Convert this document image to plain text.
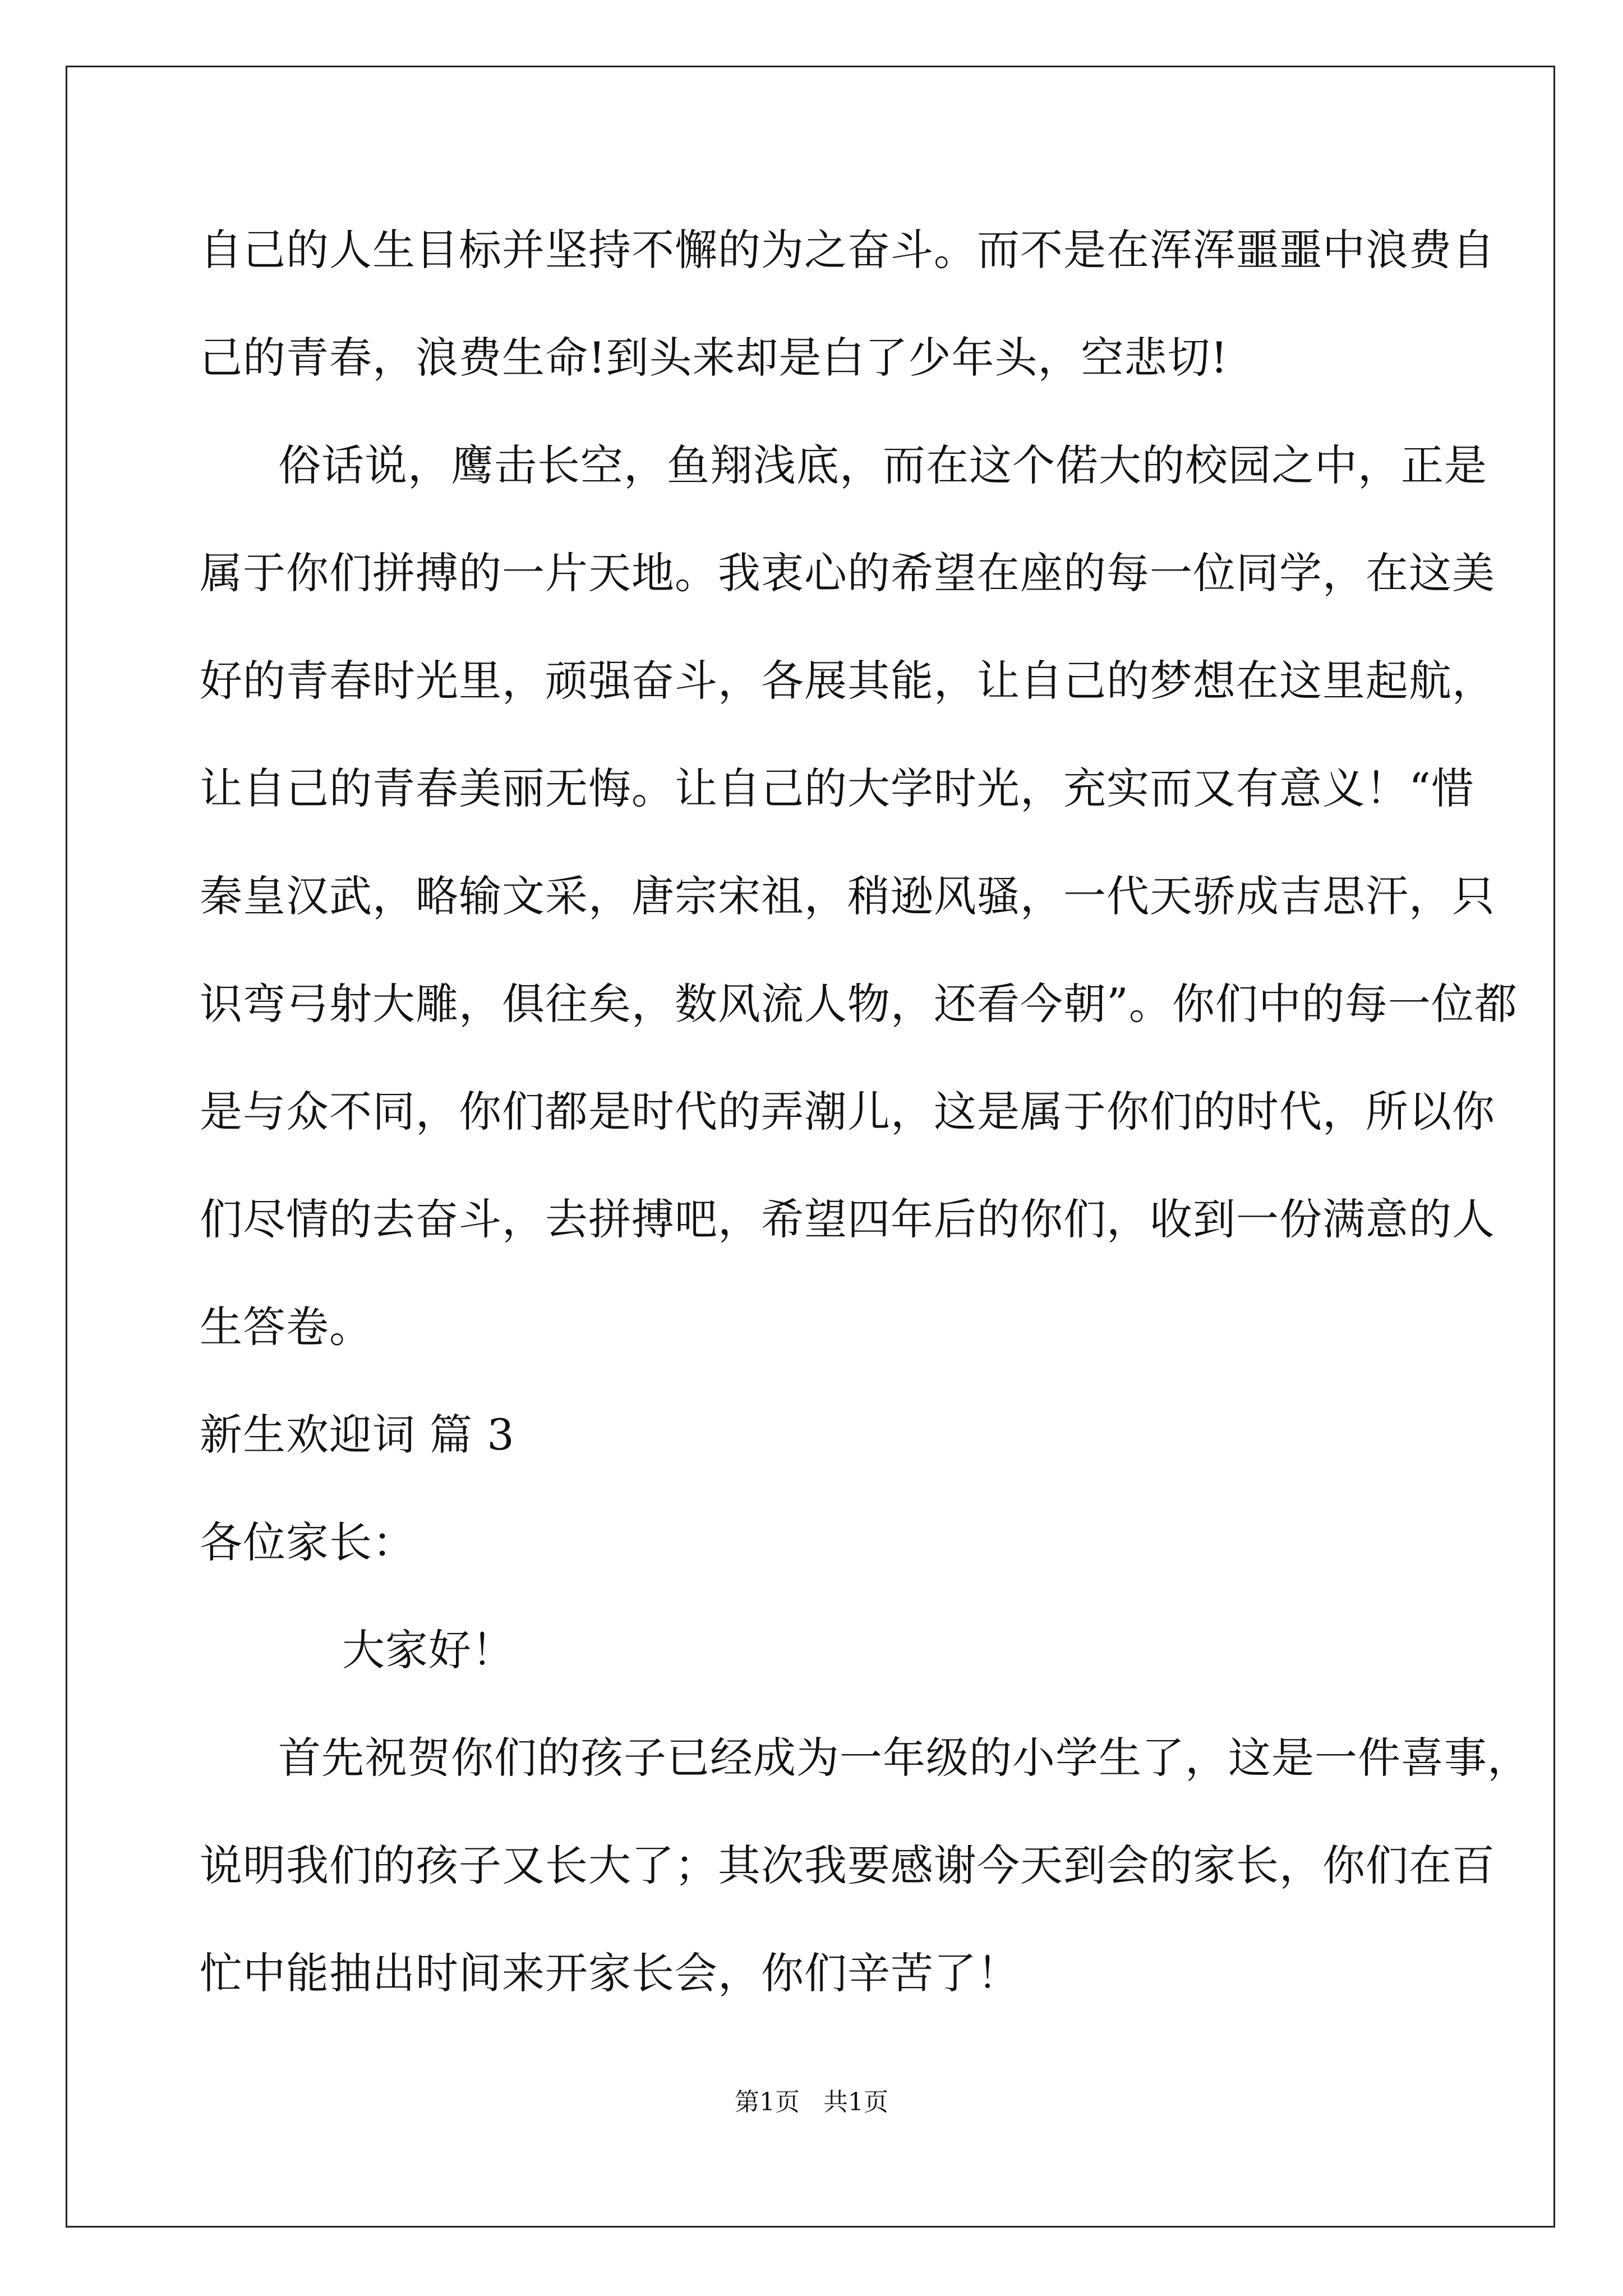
自己的人生目标并坚持不懈的为之奋斗。而不是在浑浑噩噩中浪费自
己的青春，浪费生命!到头来却是白了少年头，空悲切!
俗话说，鹰击长空，鱼翔浅底，而在这个偌大的校园之中，正是
属于你们拼搏的一片天地。我衷心的希望在座的每一位同学，在这美
好的青春时光里，顽强奋斗，各展其能，让自己的梦想在这里起航，
让自己的青春美丽无悔。让自己的大学时光，充实而又有意义！“惜
秦皇汉武，略输文采，唐宗宋祖，稍逊风骚，一代天骄成吉思汗，只
识弯弓射大雕，俱往矣，数风流人物，还看今朝”。你们中的每一位都
是与众不同，你们都是时代的弄潮儿，这是属于你们的时代，所以你
们尽情的去奋斗，去拼搏吧，希望四年后的你们，收到一份满意的人
生答卷。
新生欢迎词 篇 3
各位家长：
大家好！
首先祝贺你们的孩子已经成为一年级的小学生了，这是一件喜事，
说明我们的孩子又长大了；其次我要感谢今天到会的家长，你们在百
忙中能抽出时间来开家长会，你们辛苦了！
第1页   共1页
